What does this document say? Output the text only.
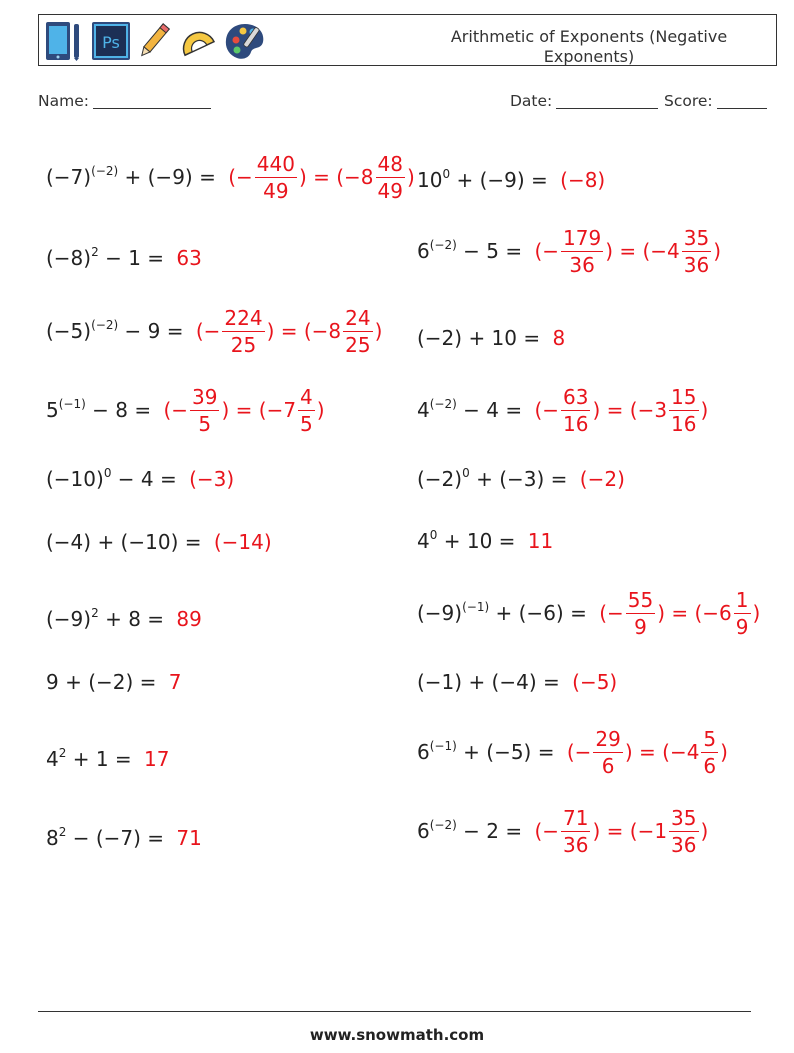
Ps	Arithmetic of Exponents (Negative Exponents)
Name:	Date:	Score:
$(-7)^{(-2)} + (-9)$ = (− $\frac{440}{49}$ ) = ($-8 \frac{48}{49}$ )
$(-8)^2 - 1 = 63$
$(-5)^{(-2)} - 9$ = (− $\frac{224}{25}$ ) = ($-8 \frac{24}{25}$ )
$5^{(-1)} - 8$ = (− $\frac{39}{5}$ ) = ($-7 \frac{4}{5}$ )
$(-10)^0 - 4 = (-3)$
(−4) + (−10) = (−14)
$(-9)^2 + 8 = 89$
9 + (−2) = 7
$4^2 + 1 = 17$
$8^2 - (-7) = 71$
$10^0 + (-9) = (-8)$
$6^{(-2)} - 5$ = (− $\frac{179}{36}$ ) = ($-4 \frac{35}{36}$ )
(−2) + 10 = 8
$4^{(-2)} - 4$ = (− $\frac{63}{16}$ ) = ($-3 \frac{15}{16}$ )
$(-2)^0 + (-3) = (-2)$
$4^0 + 10 = 11$
$(-9)^{(-1)} + (-6)$ = (− $\frac{55}{9}$ ) = ($-6 \frac{1}{9}$ )
(−1) + (−4) = (−5)
$6^{(-1)} + (-5)$ = (− $\frac{29}{6}$ ) = ($-4 \frac{5}{6}$ )
$6^{(-2)} - 2$ = (− $\frac{71}{36}$ ) = ($-1 \frac{35}{36}$ )
www.snowmath.com
